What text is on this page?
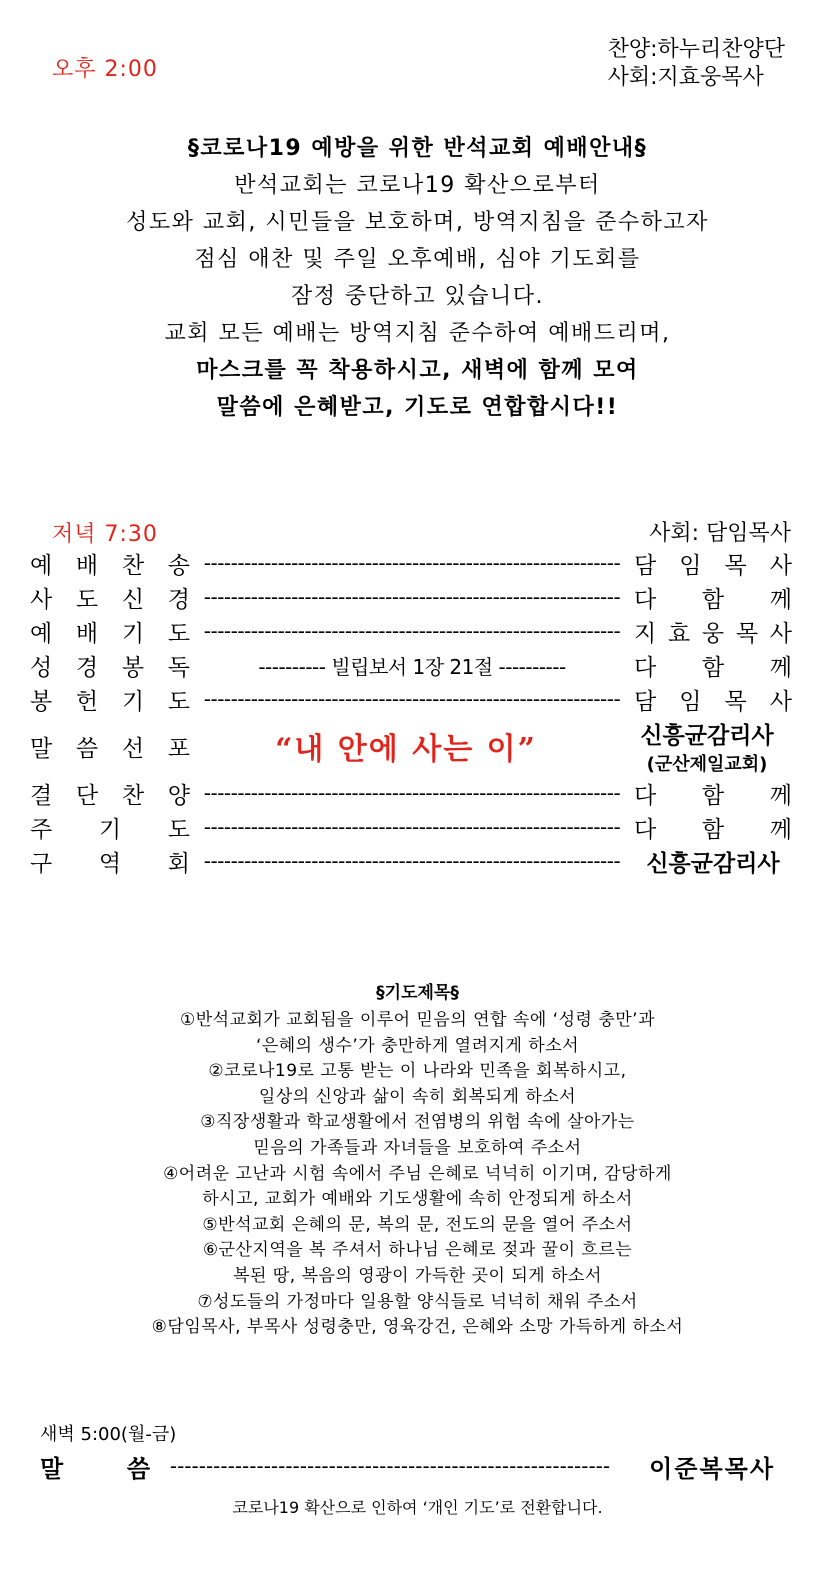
오후 2:00
찬양:하누리찬양단
사회:지효웅목사
§코로나19 예방을 위한 반석교회 예배안내§
반석교회는 코로나19 확산으로부터
성도와 교회, 시민들을 보호하며, 방역지침을 준수하고자
점심 애찬 및 주일 오후예배, 심야 기도회를
잠정 중단하고 있습니다.
교회 모든 예배는 방역지침 준수하여 예배드리며,
마스크를 꼭 착용하시고, 새벽에 함께 모여
말씀에 은혜받고, 기도로 연합합시다!!
저녁 7:30	사회: 담임목사
예 배 찬 송 -------------------------------------------------------------- 담 임 목 사
사 도 신 경 -------------------------------------------------------------- 다 함 께
예 배 기 도 -------------------------------------------------------------- 지 효 웅 목 사
성 경 봉 독	---------- 빌립보서 1장 21절 ----------	다 함 께
봉 헌 기 도 -------------------------------------------------------------- 담 임 목 사
말 씀 선 포	“내 안에 사는 이”	신흥균감리사
(군산제일교회)
결 단 찬 양 -------------------------------------------------------------- 다 함 께
주 기 도 -------------------------------------------------------------- 다 함 께
구 역 회 --------------------------------------------------------------	신흥균감리사
§기도제목§
①반석교회가 교회됨을 이루어 믿음의 연합 속에 ‘성령 충만’과
‘은혜의 생수’가 충만하게 열려지게 하소서
②코로나19로 고통 받는 이 나라와 민족을 회복하시고,
일상의 신앙과 삶이 속히 회복되게 하소서
③직장생활과 학교생활에서 전염병의 위험 속에 살아가는
믿음의 가족들과 자녀들을 보호하여 주소서
④어려운 고난과 시험 속에서 주님 은혜로 넉넉히 이기며, 감당하게
하시고, 교회가 예배와 기도생활에 속히 안정되게 하소서
⑤반석교회 은혜의 문, 복의 문, 전도의 문을 열어 주소서
⑥군산지역을 복 주셔서 하나님 은혜로 젖과 꿀이 흐르는
복된 땅, 복음의 영광이 가득한 곳이 되게 하소서
⑦성도들의 가정마다 일용할 양식들로 넉넉히 채워 주소서
⑧담임목사, 부목사 성령충만, 영육강건, 은혜와 소망 가득하게 하소서
새벽 5:00(월-금)
말	씀 -------------------------------------------------------------	이준복목사
코로나19 확산으로 인하여 ‘개인 기도’로 전환합니다.
